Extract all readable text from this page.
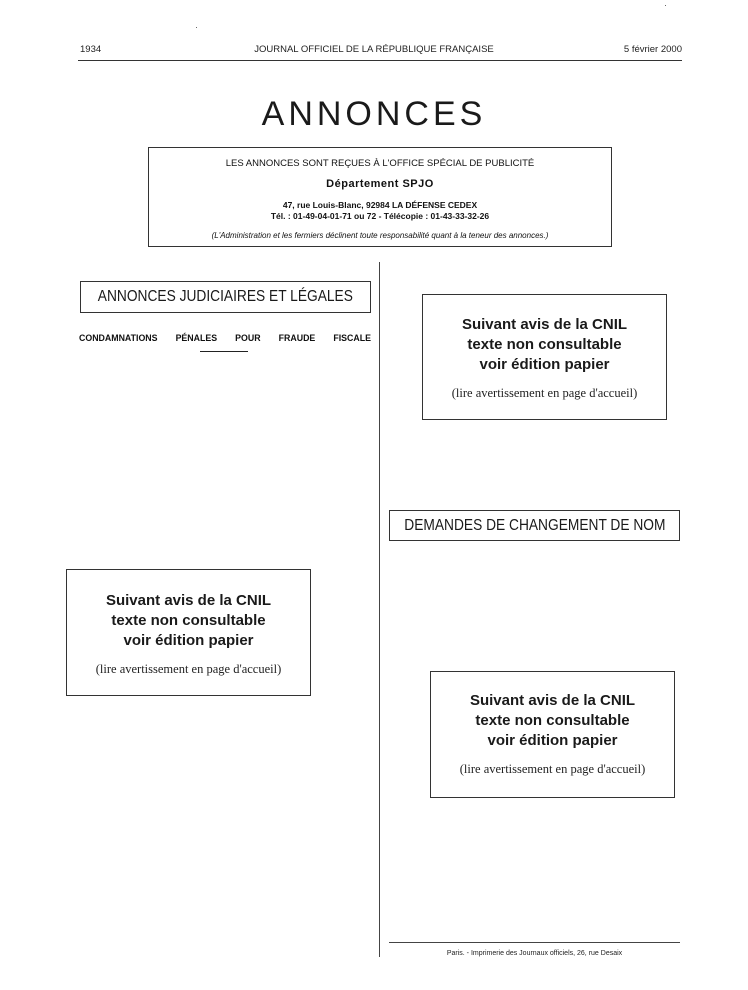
1934	JOURNAL OFFICIEL DE LA RÉPUBLIQUE FRANÇAISE	5 février 2000
ANNONCES
LES ANNONCES SONT REÇUES À L'OFFICE SPÉCIAL DE PUBLICITÉ
Département SPJO
47, rue Louis-Blanc, 92984 LA DÉFENSE CEDEX
Tél. : 01-49-04-01-71 ou 72 - Télécopie : 01-43-33-32-26
(L'Administration et les fermiers déclinent toute responsabilité quant à la teneur des annonces.)
ANNONCES JUDICIAIRES ET LÉGALES
CONDAMNATIONS PÉNALES POUR FRAUDE FISCALE
Suivant avis de la CNIL
texte non consultable
voir édition papier
(lire avertissement en page d'accueil)
Suivant avis de la CNIL
texte non consultable
voir édition papier
(lire avertissement en page d'accueil)
DEMANDES DE CHANGEMENT DE NOM
Suivant avis de la CNIL
texte non consultable
voir édition papier
(lire avertissement en page d'accueil)
Paris. - Imprimerie des Journaux officiels, 26, rue Desaix
